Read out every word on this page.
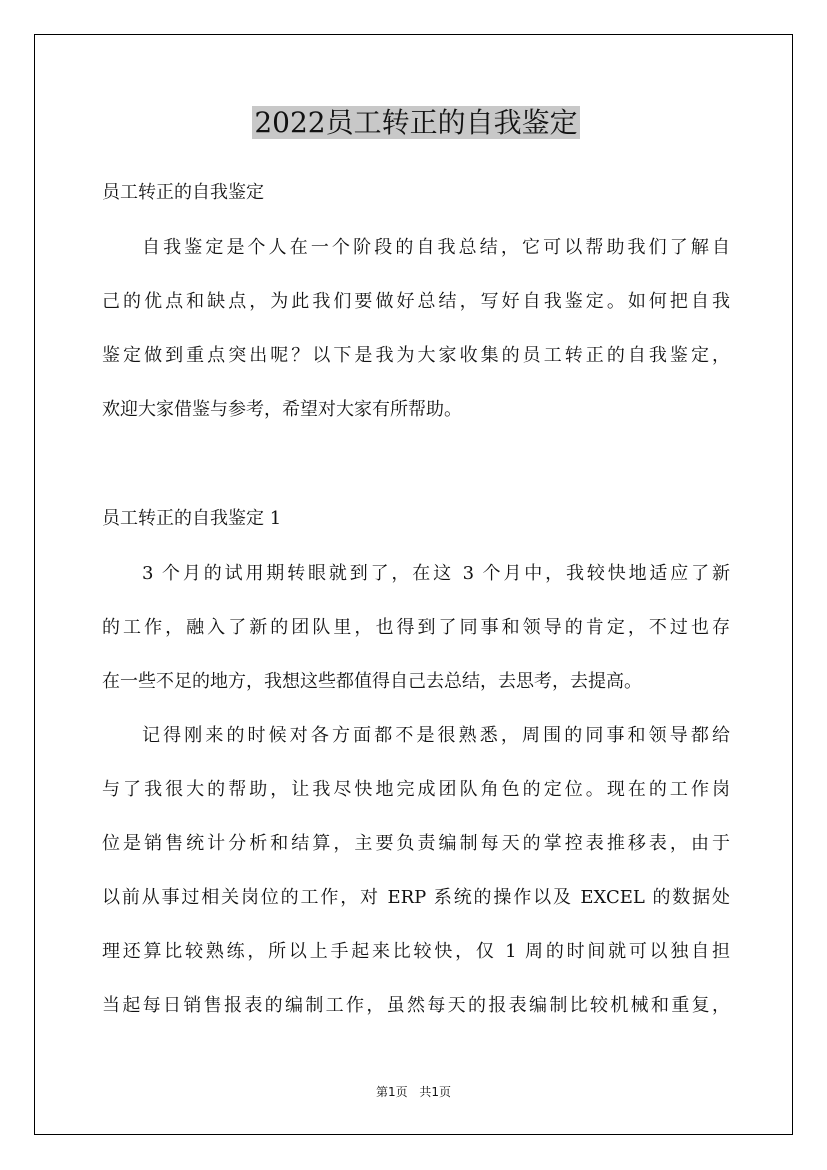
2022员工转正的自我鉴定
员工转正的自我鉴定
自我鉴定是个人在一个阶段的自我总结，它可以帮助我们了解自
己的优点和缺点，为此我们要做好总结，写好自我鉴定。如何把自我
鉴定做到重点突出呢？以下是我为大家收集的员工转正的自我鉴定，
欢迎大家借鉴与参考，希望对大家有所帮助。
员工转正的自我鉴定 1
3 个月的试用期转眼就到了，在这 3 个月中，我较快地适应了新
的工作，融入了新的团队里，也得到了同事和领导的肯定，不过也存
在一些不足的地方，我想这些都值得自己去总结，去思考，去提高。
记得刚来的时候对各方面都不是很熟悉，周围的同事和领导都给
与了我很大的帮助，让我尽快地完成团队角色的定位。现在的工作岗
位是销售统计分析和结算，主要负责编制每天的掌控表推移表，由于
以前从事过相关岗位的工作，对 ERP 系统的操作以及 EXCEL 的数据处
理还算比较熟练，所以上手起来比较快，仅 1 周的时间就可以独自担
当起每日销售报表的编制工作，虽然每天的报表编制比较机械和重复，
第1页 共1页
